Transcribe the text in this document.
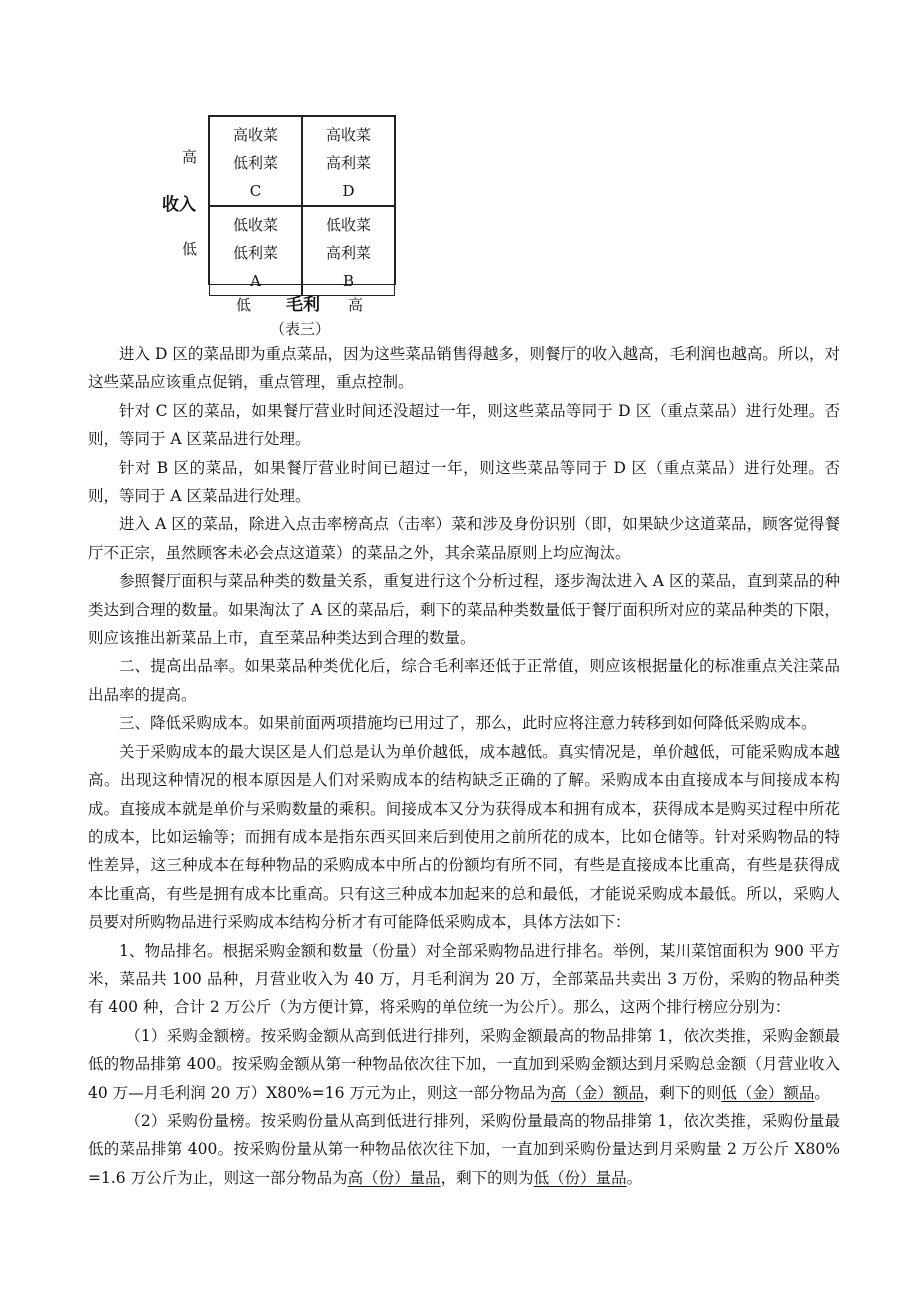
高收菜
低利菜
C
高收菜
高利菜
D
低收菜
低利菜
A
低收菜
高利菜
B
高
收入
低
低 毛利 高
（表三）

进入 D 区的菜品即为重点菜品，因为这些菜品销售得越多，则餐厅的收入越高，毛利润也越高。所以，对这些菜品应该重点促销，重点管理，重点控制。

针对 C 区的菜品，如果餐厅营业时间还没超过一年，则这些菜品等同于 D 区（重点菜品）进行处理。否则，等同于 A 区菜品进行处理。

针对 B 区的菜品，如果餐厅营业时间已超过一年，则这些菜品等同于 D 区（重点菜品）进行处理。否则，等同于 A 区菜品进行处理。

进入 A 区的菜品，除进入点击率榜高点（击率）菜和涉及身份识别（即，如果缺少这道菜品，顾客觉得餐厅不正宗，虽然顾客未必会点这道菜）的菜品之外，其余菜品原则上均应淘汰。

参照餐厅面积与菜品种类的数量关系，重复进行这个分析过程，逐步淘汰进入 A 区的菜品，直到菜品的种类达到合理的数量。如果淘汰了 A 区的菜品后，剩下的菜品种类数量低于餐厅面积所对应的菜品种类的下限，则应该推出新菜品上市，直至菜品种类达到合理的数量。

二、提高出品率。如果菜品种类优化后，综合毛利率还低于正常值，则应该根据量化的标准重点关注菜品出品率的提高。

三、降低采购成本。如果前面两项措施均已用过了，那么，此时应将注意力转移到如何降低采购成本。

关于采购成本的最大误区是人们总是认为单价越低，成本越低。真实情况是，单价越低，可能采购成本越高。出现这种情况的根本原因是人们对采购成本的结构缺乏正确的了解。采购成本由直接成本与间接成本构成。直接成本就是单价与采购数量的乘积。间接成本又分为获得成本和拥有成本，获得成本是购买过程中所花的成本，比如运输等；而拥有成本是指东西买回来后到使用之前所花的成本，比如仓储等。针对采购物品的特性差异，这三种成本在每种物品的采购成本中所占的份额均有所不同，有些是直接成本比重高，有些是获得成本比重高，有些是拥有成本比重高。只有这三种成本加起来的总和最低，才能说采购成本最低。所以，采购人员要对所购物品进行采购成本结构分析才有可能降低采购成本，具体方法如下：

1、物品排名。根据采购金额和数量（份量）对全部采购物品进行排名。举例，某川菜馆面积为 900 平方米，菜品共 100 品种，月营业收入为 40 万，月毛利润为 20 万，全部菜品共卖出 3 万份，采购的物品种类有 400 种，合计 2 万公斤（为方便计算，将采购的单位统一为公斤）。那么，这两个排行榜应分别为：

（1）采购金额榜。按采购金额从高到低进行排列，采购金额最高的物品排第 1，依次类推，采购金额最低的物品排第 400。按采购金额从第一种物品依次往下加，一直加到采购金额达到月采购总金额（月营业收入 40 万—月毛利润 20 万）X80%=16 万元为止，则这一部分物品为高（金）额品，剩下的则低（金）额品。

（2）采购份量榜。按采购份量从高到低进行排列，采购份量最高的物品排第 1，依次类推，采购份量最低的菜品排第 400。按采购份量从第一种物品依次往下加，一直加到采购份量达到月采购量 2 万公斤 X80%=1.6 万公斤为止，则这一部分物品为高（份）量品，剩下的则为低（份）量品。
